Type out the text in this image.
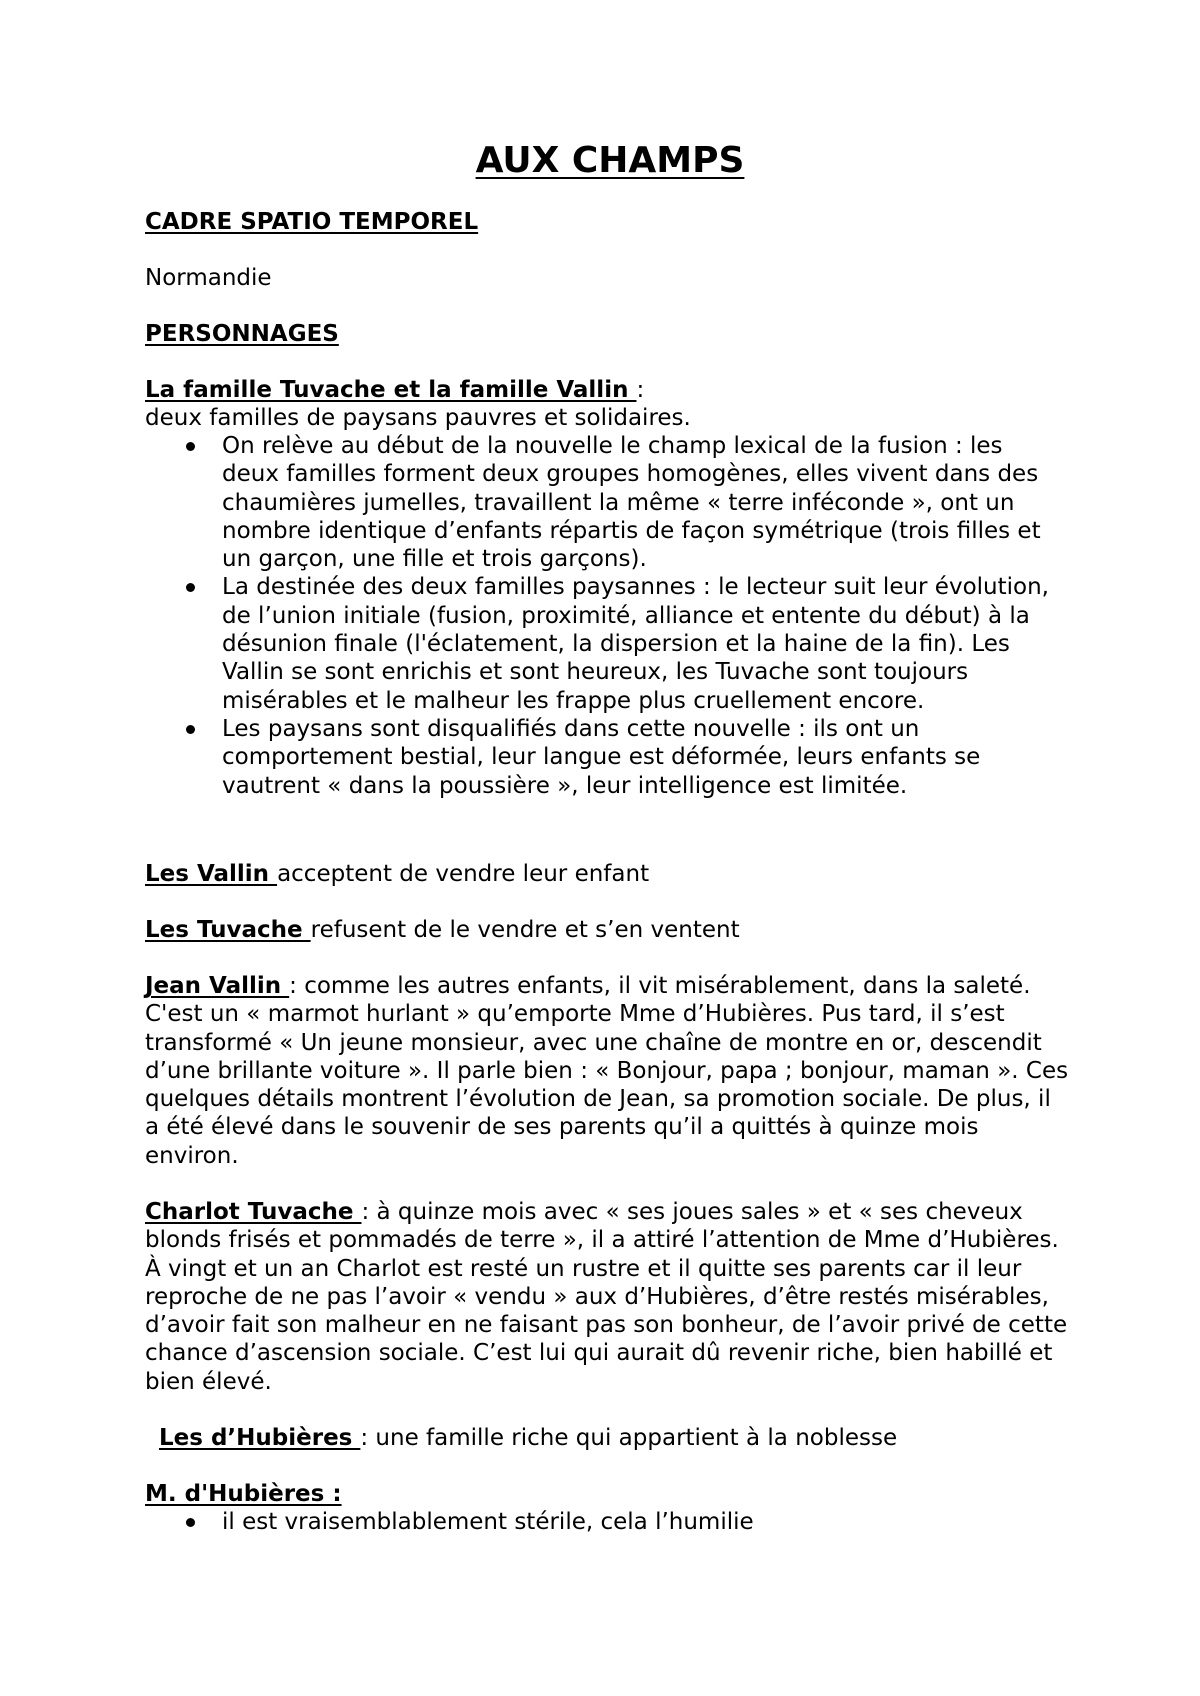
AUX CHAMPS

CADRE SPATIO TEMPOREL

Normandie

PERSONNAGES

La famille Tuvache et la famille Vallin :

deux familles de paysans pauvres et solidaires.

On relève au début de la nouvelle le champ lexical de la fusion : les deux familles forment deux groupes homogènes, elles vivent dans des chaumières jumelles, travaillent la même « terre inféconde », ont un nombre identique d’enfants répartis de façon symétrique (trois filles et un garçon, une fille et trois garçons).
La destinée des deux familles paysannes : le lecteur suit leur évolution, de l’union initiale (fusion, proximité, alliance et entente du début) à la désunion finale (l'éclatement, la dispersion et la haine de la fin). Les Vallin se sont enrichis et sont heureux, les Tuvache sont toujours misérables et le malheur les frappe plus cruellement encore.
Les paysans sont disqualifiés dans cette nouvelle : ils ont un comportement bestial, leur langue est déformée, leurs enfants se vautrent « dans la poussière », leur intelligence est limitée.

Les Vallin acceptent de vendre leur enfant

Les Tuvache refusent de le vendre et s’en ventent

Jean Vallin : comme les autres enfants, il vit misérablement, dans la saleté. C'est un « marmot hurlant » qu’emporte Mme d’Hubières. Pus tard, il s’est transformé « Un jeune monsieur, avec une chaîne de montre en or, descendit d’une brillante voiture ». Il parle bien : « Bonjour, papa ; bonjour, maman ». Ces quelques détails montrent l’évolution de Jean, sa promotion sociale. De plus, il a été élevé dans le souvenir de ses parents qu’il a quittés à quinze mois environ.

Charlot Tuvache : à quinze mois avec « ses joues sales » et « ses cheveux blonds frisés et pommadés de terre », il a attiré l’attention de Mme d’Hubières. À vingt et un an Charlot est resté un rustre et il quitte ses parents car il leur reproche de ne pas l’avoir « vendu » aux d’Hubières, d’être restés misérables, d’avoir fait son malheur en ne faisant pas son bonheur, de l’avoir privé de cette chance d’ascension sociale. C’est lui qui aurait dû revenir riche, bien habillé et bien élevé.

Les d’Hubières : une famille riche qui appartient à la noblesse

M. d'Hubières :

il est vraisemblablement stérile, cela l’humilie
